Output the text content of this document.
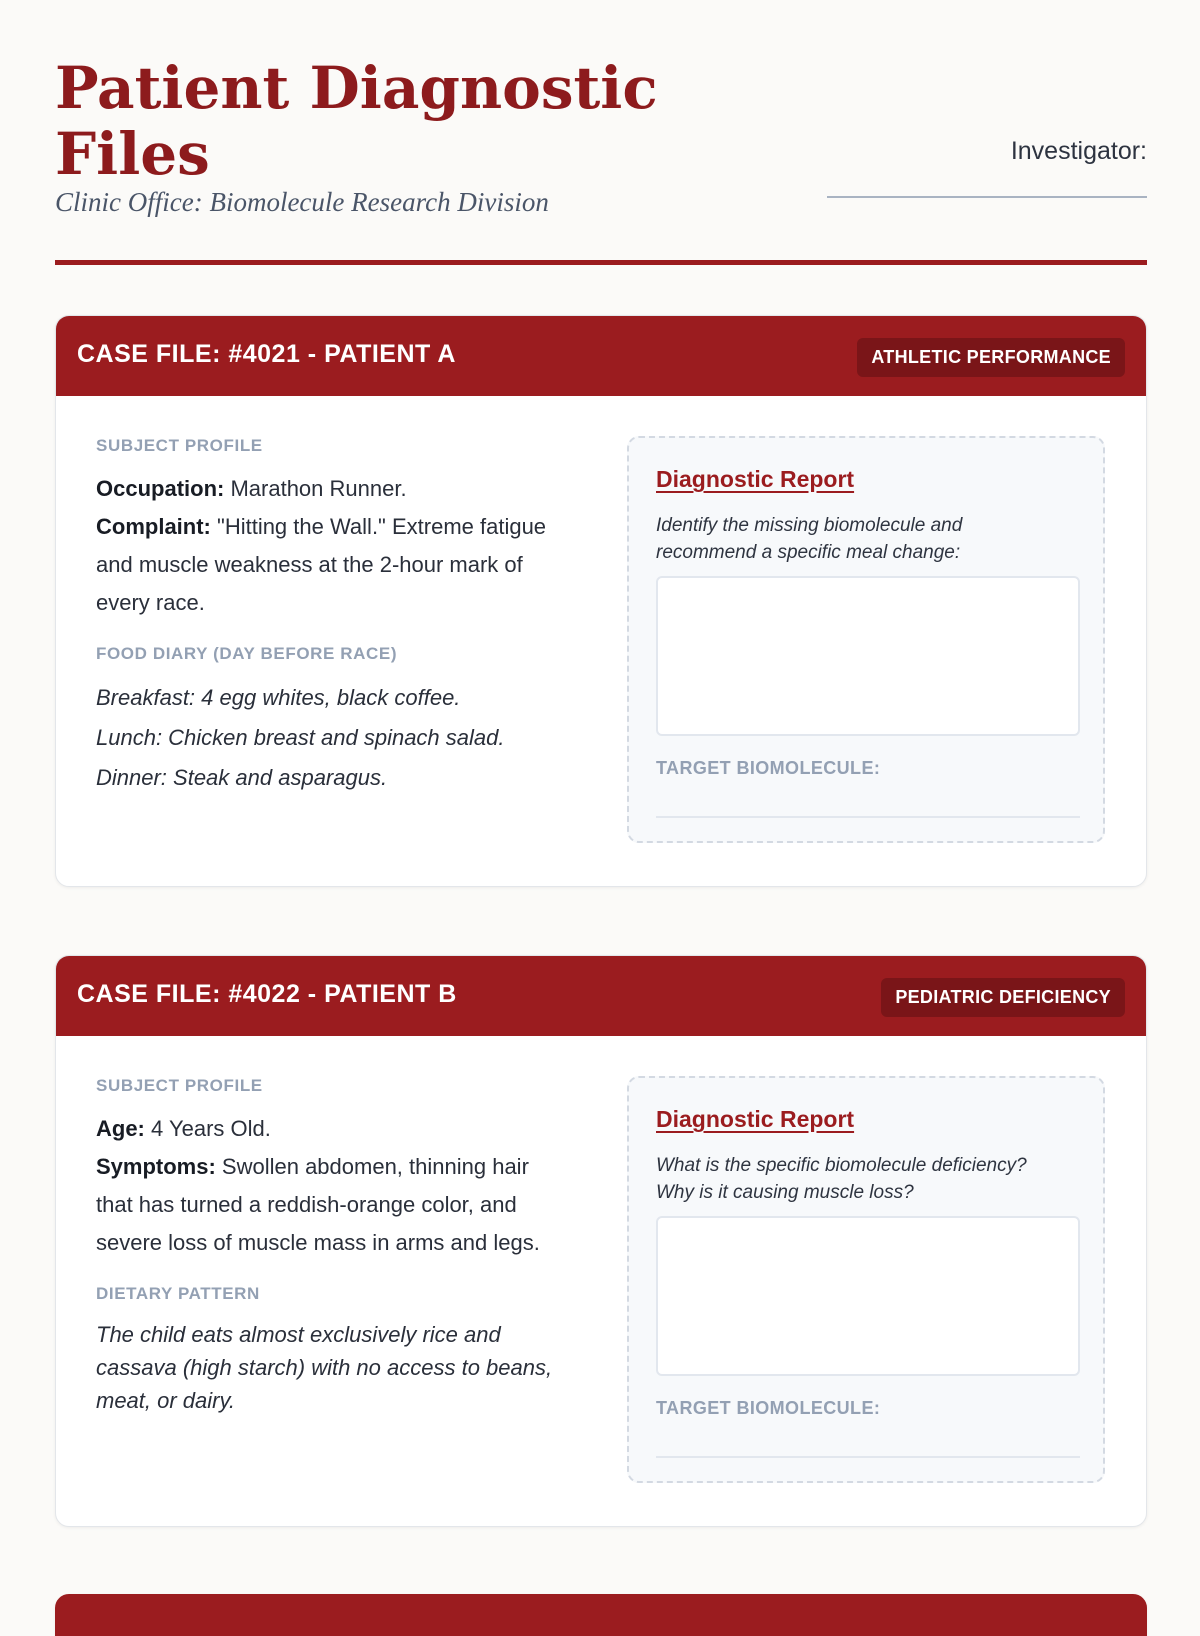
Patient Diagnostic Files
Clinic Office: Biomolecule Research Division
Investigator:
CASE FILE: #4021 - PATIENT A	ATHLETIC PERFORMANCE
SUBJECT PROFILE

Occupation: Marathon Runner.

Complaint: "Hitting the Wall." Extreme fatigue and muscle weakness at the 2-hour mark of every race.

FOOD DIARY (DAY BEFORE RACE)
Breakfast: 4 egg whites, black coffee.
Lunch: Chicken breast and spinach salad.
Dinner: Steak and asparagus.
Diagnostic Report
Identify the missing biomolecule and recommend a specific meal change:
TARGET BIOMOLECULE:
CASE FILE: #4022 - PATIENT B	PEDIATRIC DEFICIENCY
SUBJECT PROFILE

Age: 4 Years Old.

Symptoms: Swollen abdomen, thinning hair that has turned a reddish-orange color, and severe loss of muscle mass in arms and legs.

DIETARY PATTERN
The child eats almost exclusively rice and cassava (high starch) with no access to beans, meat, or dairy.
Diagnostic Report
What is the specific biomolecule deficiency? Why is it causing muscle loss?
TARGET BIOMOLECULE:
